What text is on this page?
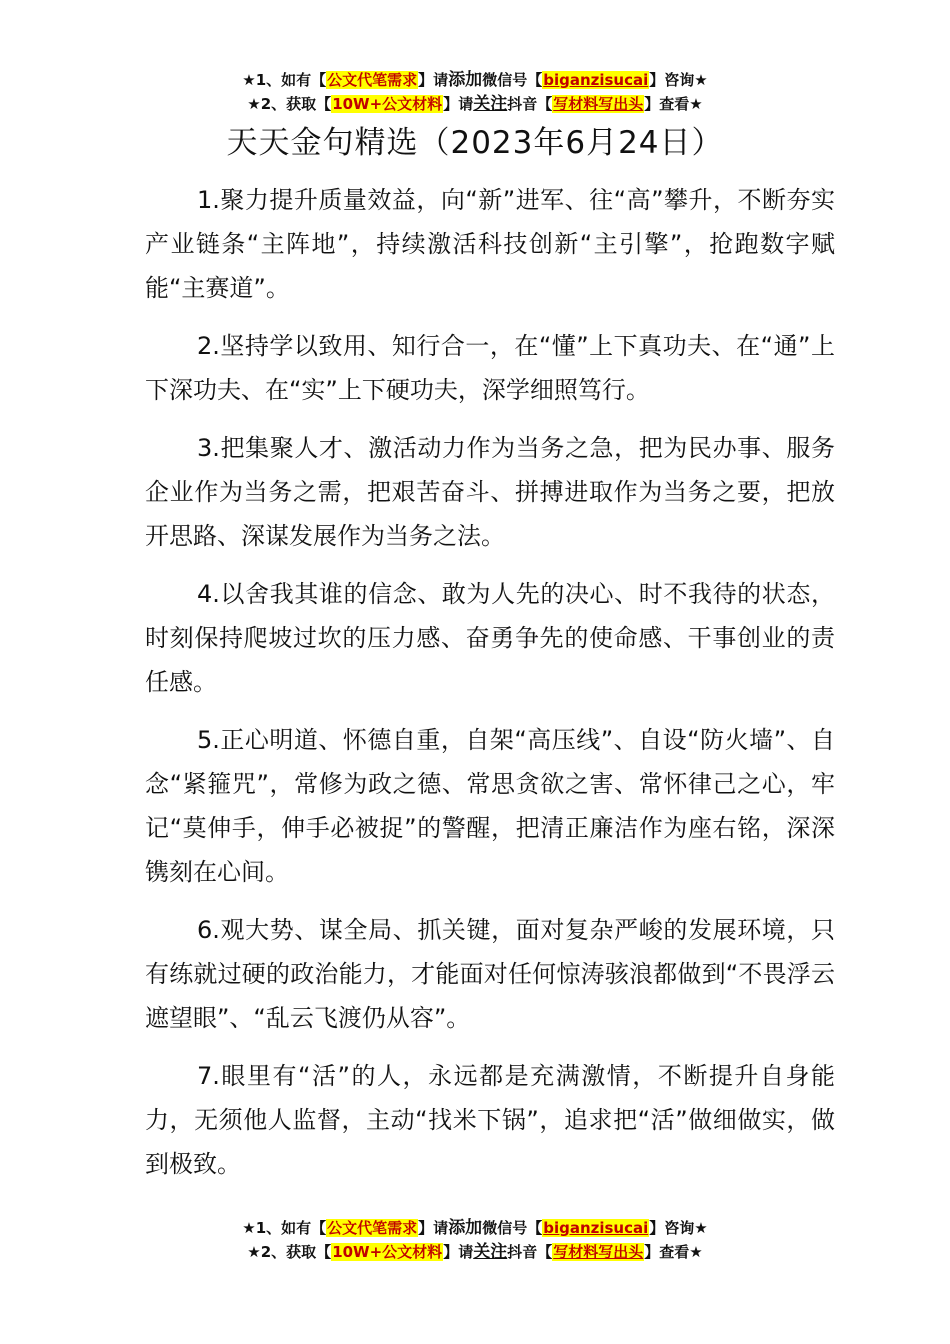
★1、如有【公文代笔需求】请添加微信号【biganzisucai】咨询★
★2、获取【10W+公文材料】请关注抖音【写材料写出头】查看★
天天金句精选（2023年6月24日）

1.聚力提升质量效益，向“新”进军、往“高”攀升，不断夯实产业链条“主阵地”，持续激活科技创新“主引擎”，抢跑数字赋能“主赛道”。

2.坚持学以致用、知行合一，在“懂”上下真功夫、在“通”上下深功夫、在“实”上下硬功夫，深学细照笃行。

3.把集聚人才、激活动力作为当务之急，把为民办事、服务企业作为当务之需，把艰苦奋斗、拼搏进取作为当务之要，把放开思路、深谋发展作为当务之法。

4.以舍我其谁的信念、敢为人先的决心、时不我待的状态，时刻保持爬坡过坎的压力感、奋勇争先的使命感、干事创业的责任感。

5.正心明道、怀德自重，自架“高压线”、自设“防火墙”、自念“紧箍咒”，常修为政之德、常思贪欲之害、常怀律己之心，牢记“莫伸手，伸手必被捉”的警醒，把清正廉洁作为座右铭，深深镌刻在心间。

6.观大势、谋全局、抓关键，面对复杂严峻的发展环境，只有练就过硬的政治能力，才能面对任何惊涛骇浪都做到“不畏浮云遮望眼”、“乱云飞渡仍从容”。

7.眼里有“活”的人，永远都是充满激情，不断提升自身能力，无须他人监督，主动“找米下锅”，追求把“活”做细做实，做到极致。

★1、如有【公文代笔需求】请添加微信号【biganzisucai】咨询★
★2、获取【10W+公文材料】请关注抖音【写材料写出头】查看★
